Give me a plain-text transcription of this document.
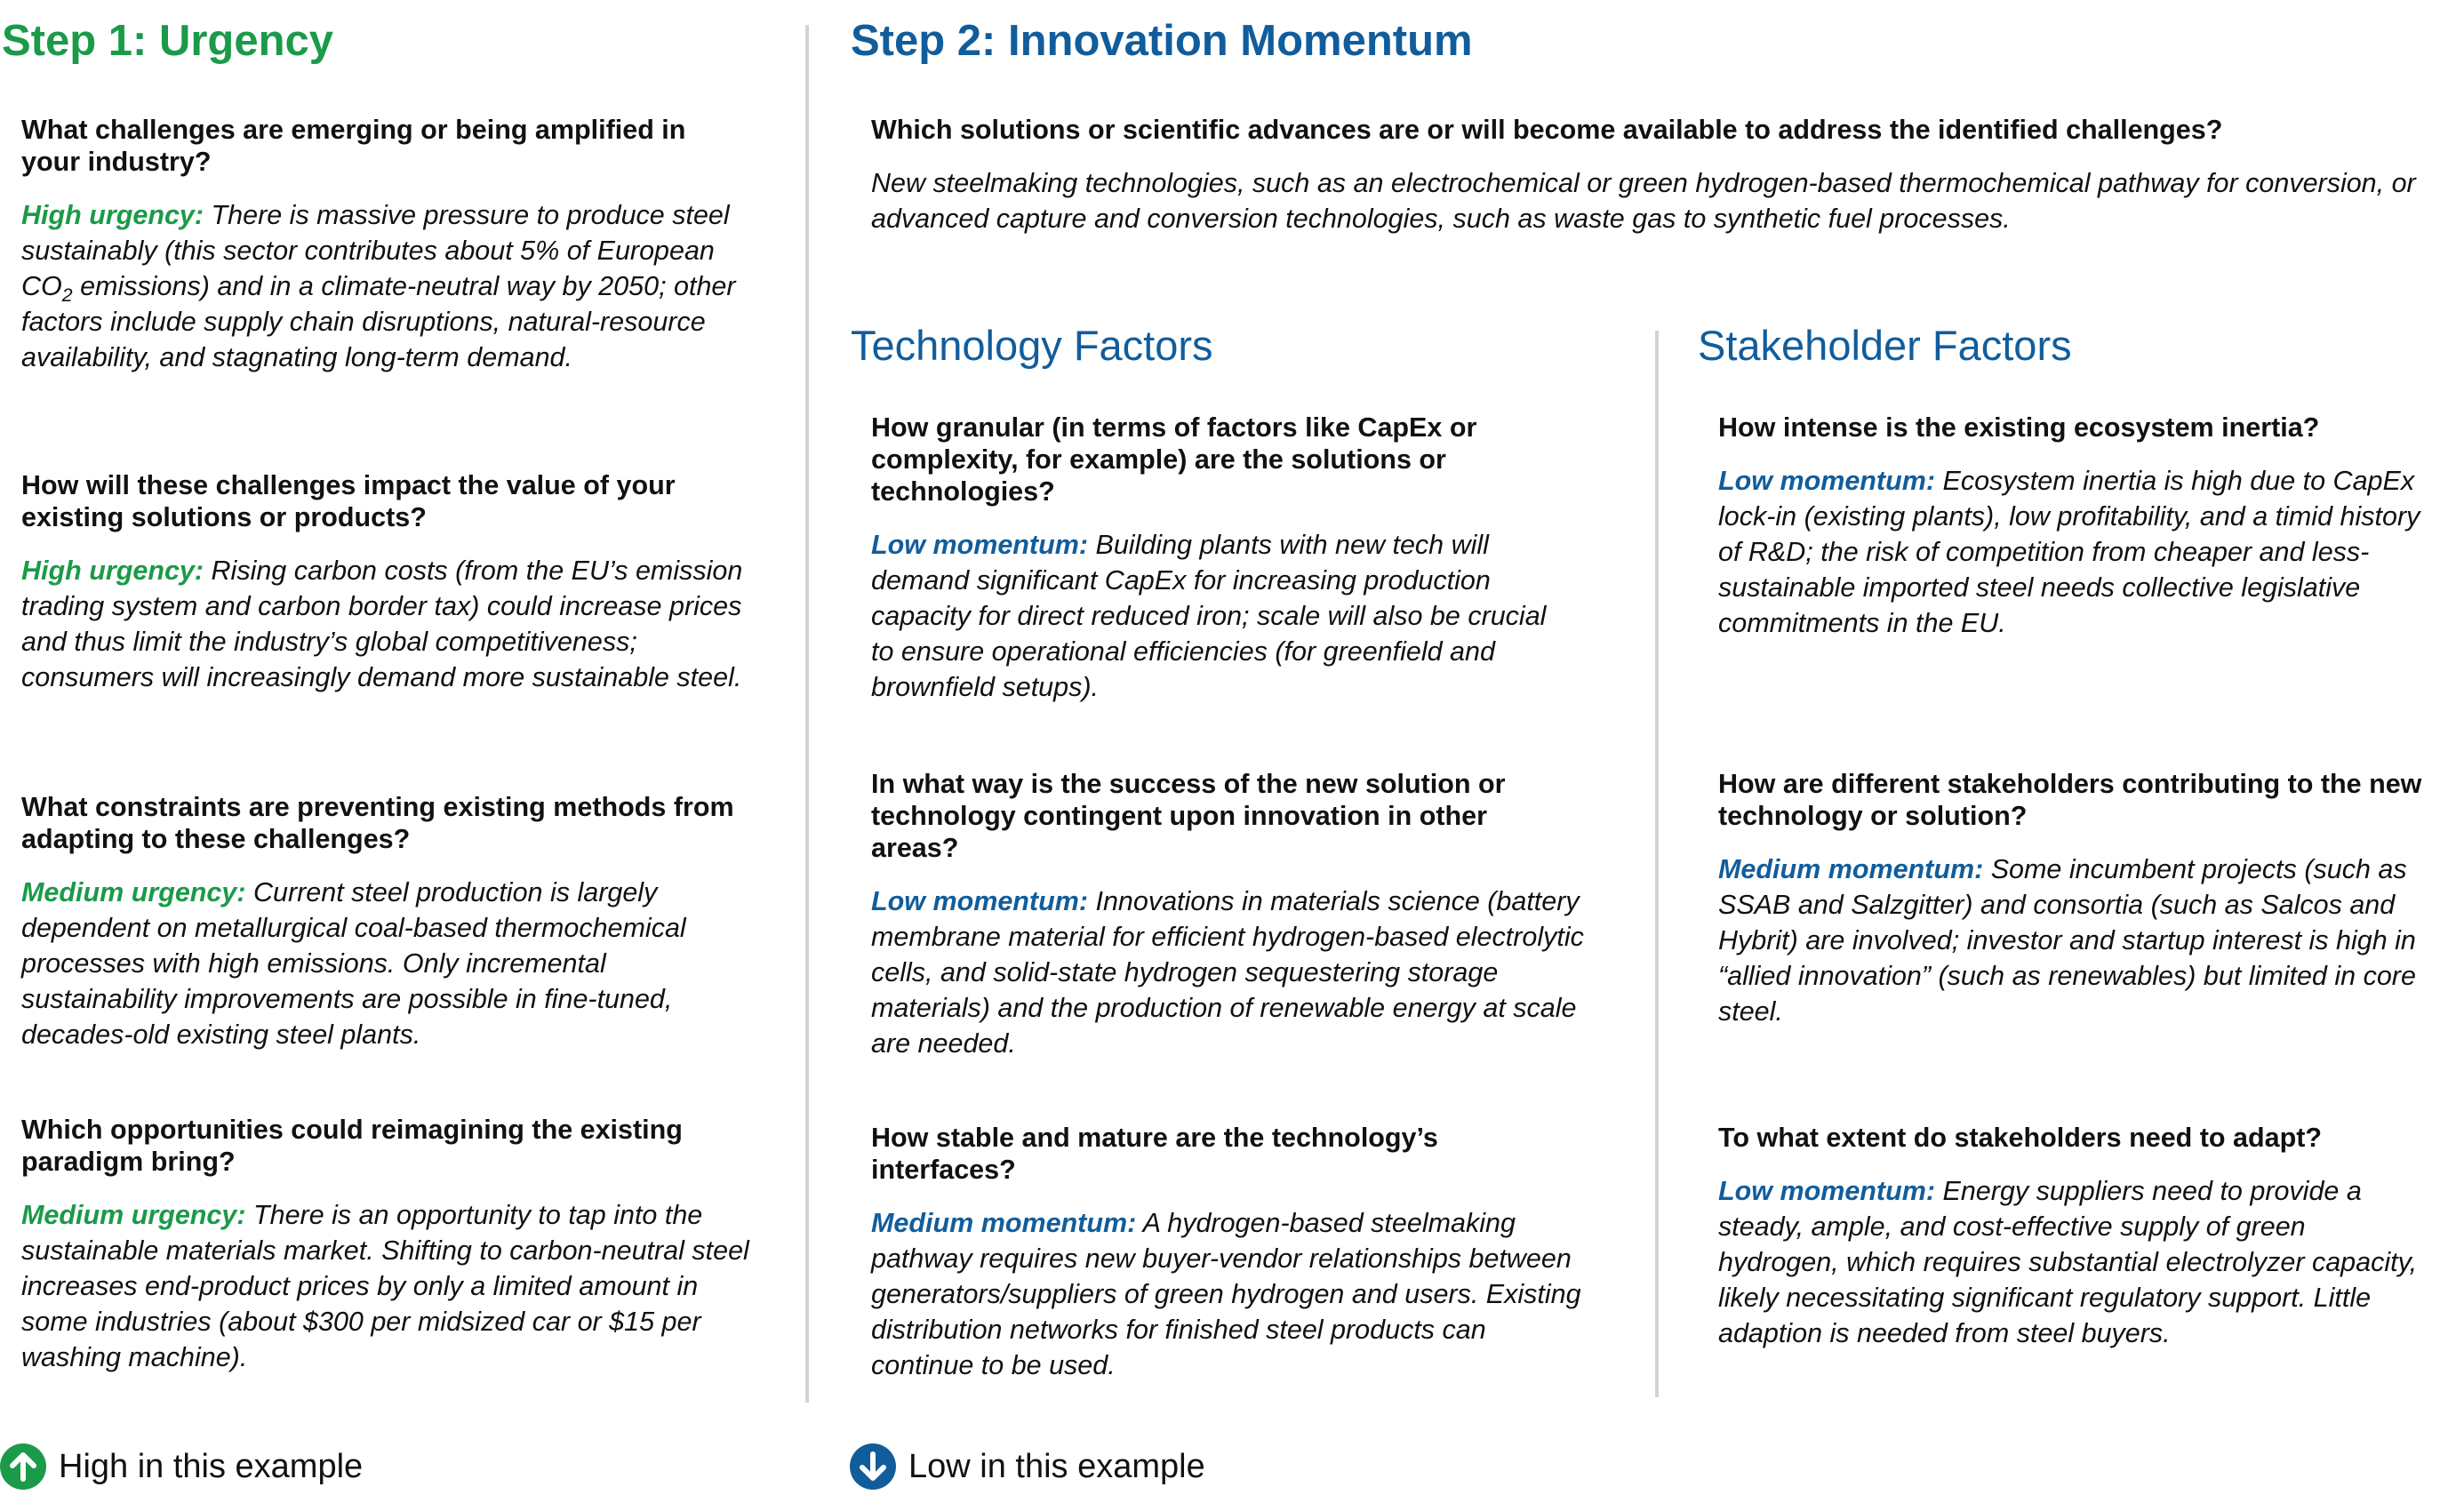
Step 1: Urgency

What challenges are emerging or being amplified in your industry?

High urgency: There is massive pressure to produce steel sustainably (this sector contributes about 5% of European $CO_2$ emissions) and in a climate-neutral way by 2050; other factors include supply chain disruptions, natural-resource availability, and stagnating long-term demand.

How will these challenges impact the value of your existing solutions or products?

High urgency: Rising carbon costs (from the EU’s emission trading system and carbon border tax) could increase prices and thus limit the industry’s global competitiveness; consumers will increasingly demand more sustainable steel.

What constraints are preventing existing methods from adapting to these challenges?

Medium urgency: Current steel production is largely dependent on metallurgical coal-based thermochemical processes with high emissions. Only incremental sustainability improvements are possible in fine-tuned, decades-old existing steel plants.

Which opportunities could reimagining the existing paradigm bring?

Medium urgency: There is an opportunity to tap into the sustainable materials market. Shifting to carbon-neutral steel increases end-product prices by only a limited amount in some industries (about $300 per midsized car or $15 per washing machine).

High in this example
Step 2: Innovation Momentum

Which solutions or scientific advances are or will become available to address the identified challenges?

New steelmaking technologies, such as an electrochemical or green hydrogen-based thermochemical pathway for conversion, or advanced capture and conversion technologies, such as waste gas to synthetic fuel processes.

Technology Factors

How granular (in terms of factors like CapEx or complexity, for example) are the solutions or technologies?

Low momentum: Building plants with new tech will demand significant CapEx for increasing production capacity for direct reduced iron; scale will also be crucial to ensure operational efficiencies (for greenfield and brownfield setups).

In what way is the success of the new solution or technology contingent upon innovation in other areas?

Low momentum: Innovations in materials science (battery membrane material for efficient hydrogen-based electrolytic cells, and solid-state hydrogen sequestering storage materials) and the production of renewable energy at scale are needed.

How stable and mature are the technology’s interfaces?

Medium momentum: A hydrogen-based steelmaking pathway requires new buyer-vendor relationships between generators/suppliers of green hydrogen and users. Existing distribution networks for finished steel products can continue to be used.

Stakeholder Factors

How intense is the existing ecosystem inertia?

Low momentum: Ecosystem inertia is high due to CapEx lock-in (existing plants), low profitability, and a timid history of R&D; the risk of competition from cheaper and less-sustainable imported steel needs collective legislative commitments in the EU.

How are different stakeholders contributing to the new technology or solution?

Medium momentum: Some incumbent projects (such as SSAB and Salzgitter) and consortia (such as Salcos and Hybrit) are involved; investor and startup interest is high in “allied innovation” (such as renewables) but limited in core steel.

To what extent do stakeholders need to adapt?

Low momentum: Energy suppliers need to provide a steady, ample, and cost-effective supply of green hydrogen, which requires substantial electrolyzer capacity, likely necessitating significant regulatory support. Little adaption is needed from steel buyers.

Low in this example
